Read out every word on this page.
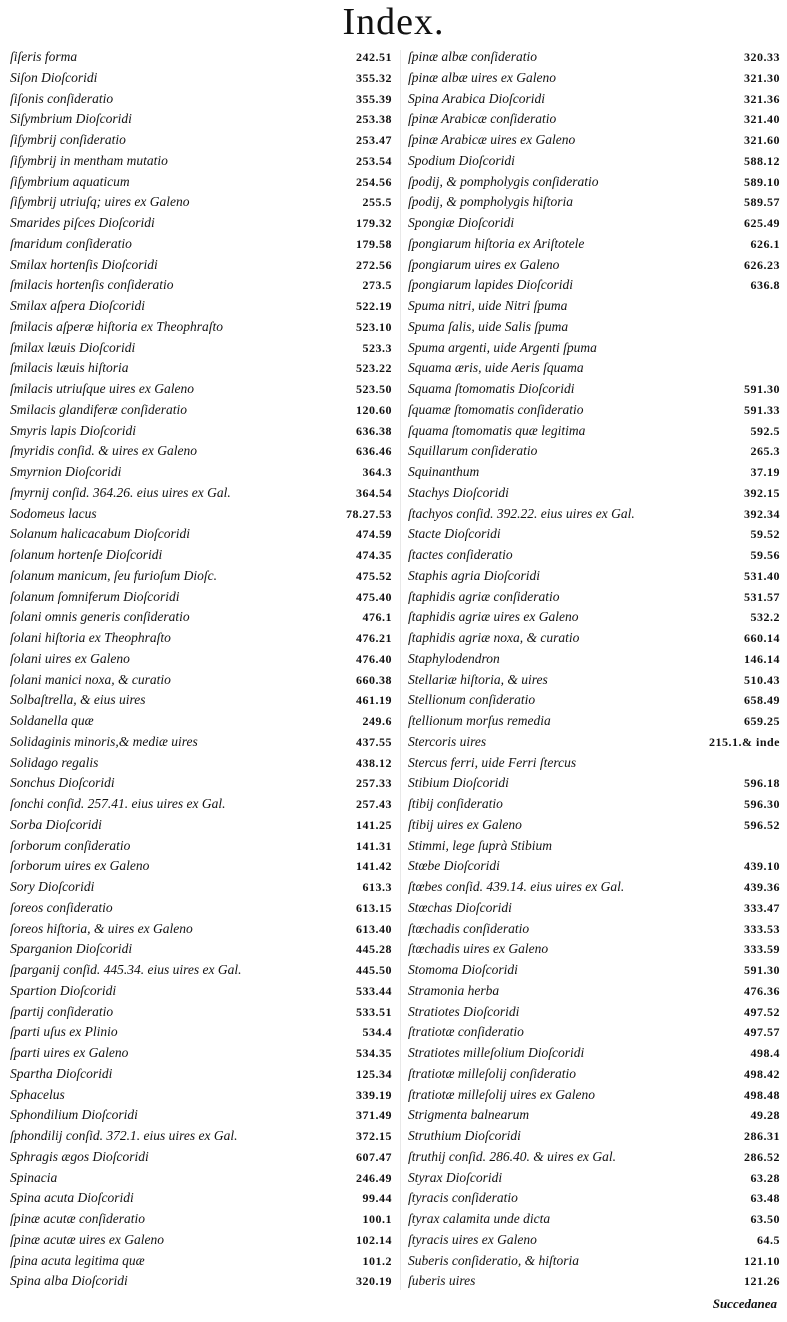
Index.
ſiſeris forma	242.51
Siſon Dioſcoridi	355.32
ſiſonis conſideratio	355.39
Siſymbrium Dioſcoridi	253.38
ſiſymbrij conſideratio	253.47
ſiſymbrij in mentham mutatio	253.54
ſiſymbrium aquaticum	254.56
ſiſymbrij utriuſq; uires ex Galeno	255.5
Smarides piſces Dioſcoridi	179.32
ſmaridum conſideratio	179.58
Smilax hortenſis Dioſcoridi	272.56
ſmilacis hortenſis conſideratio	273.5
Smilax aſpera Dioſcoridi	522.19
ſmilacis aſperæ hiſtoria ex Theophraſto	523.10
ſmilax læuis Dioſcoridi	523.3
ſmilacis læuis hiſtoria	523.22
ſmilacis utriuſque uires ex Galeno	523.50
Smilacis glandiferæ conſideratio	120.60
Smyris lapis Dioſcoridi	636.38
ſmyridis conſid. & uires ex Galeno	636.46
Smyrnion Dioſcoridi	364.3
ſmyrnij conſid. 364.26. eius uires ex Gal.	364.54
Sodomeus lacus	78.27.53
Solanum halicacabum Dioſcoridi	474.59
ſolanum hortenſe Dioſcoridi	474.35
ſolanum manicum, ſeu furioſum Dioſc.	475.52
ſolanum ſomniferum Dioſcoridi	475.40
ſolani omnis generis conſideratio	476.1
ſolani hiſtoria ex Theophraſto	476.21
ſolani uires ex Galeno	476.40
ſolani manici noxa, & curatio	660.38
Solbaſtrella, & eius uires	461.19
Soldanella quæ	249.6
Solidaginis minoris,& mediæ uires	437.55
Solidago regalis	438.12
Sonchus Dioſcoridi	257.33
ſonchi conſid. 257.41. eius uires ex Gal.	257.43
Sorba Dioſcoridi	141.25
ſorborum conſideratio	141.31
ſorborum uires ex Galeno	141.42
Sory Dioſcoridi	613.3
ſoreos conſideratio	613.15
ſoreos hiſtoria, & uires ex Galeno	613.40
Sparganion Dioſcoridi	445.28
ſparganij conſid. 445.34. eius uires ex Gal.	445.50
Spartion Dioſcoridi	533.44
ſpartij conſideratio	533.51
ſparti uſus ex Plinio	534.4
ſparti uires ex Galeno	534.35
Spartha Dioſcoridi	125.34
Sphacelus	339.19
Sphondilium Dioſcoridi	371.49
ſphondilij conſid. 372.1. eius uires ex Gal.	372.15
Sphragis ægos Dioſcoridi	607.47
Spinacia	246.49
Spina acuta Dioſcoridi	99.44
ſpinæ acutæ conſideratio	100.1
ſpinæ acutæ uires ex Galeno	102.14
ſpina acuta legitima quæ	101.2
Spina alba Dioſcoridi	320.19
ſpinæ albæ conſideratio	320.33
ſpinæ albæ uires ex Galeno	321.30
Spina Arabica Dioſcoridi	321.36
ſpinæ Arabicæ conſideratio	321.40
ſpinæ Arabicæ uires ex Galeno	321.60
Spodium Dioſcoridi	588.12
ſpodij, & pompholygis conſideratio	589.10
ſpodij, & pompholygis hiſtoria	589.57
Spongiæ Dioſcoridi	625.49
ſpongiarum hiſtoria ex Ariſtotele	626.1
ſpongiarum uires ex Galeno	626.23
ſpongiarum lapides Dioſcoridi	636.8
Spuma nitri, uide Nitri ſpuma
Spuma ſalis, uide Salis ſpuma
Spuma argenti, uide Argenti ſpuma
Squama æris, uide Aeris ſquama
Squama ſtomomatis Dioſcoridi	591.30
ſquamæ ſtomomatis conſideratio	591.33
ſquama ſtomomatis quæ legitima	592.5
Squillarum conſideratio	265.3
Squinanthum	37.19
Stachys Dioſcoridi	392.15
ſtachyos conſid. 392.22. eius uires ex Gal.	392.34
Stacte Dioſcoridi	59.52
ſtactes conſideratio	59.56
Staphis agria Dioſcoridi	531.40
ſtaphidis agriæ conſideratio	531.57
ſtaphidis agriæ uires ex Galeno	532.2
ſtaphidis agriæ noxa, & curatio	660.14
Staphylodendron	146.14
Stellariæ hiſtoria, & uires	510.43
Stellionum conſideratio	658.49
ſtellionum morſus remedia	659.25
Stercoris uires	215.1.& inde
Stercus ferri, uide Ferri ſtercus
Stibium Dioſcoridi	596.18
ſtibij conſideratio	596.30
ſtibij uires ex Galeno	596.52
Stimmi, lege ſuprà Stibium
Stœbe Dioſcoridi	439.10
ſtœbes conſid. 439.14. eius uires ex Gal.	439.36
Stœchas Dioſcoridi	333.47
ſtœchadis conſideratio	333.53
ſtœchadis uires ex Galeno	333.59
Stomoma Dioſcoridi	591.30
Stramonia herba	476.36
Stratiotes Dioſcoridi	497.52
ſtratiotæ conſideratio	497.57
Stratiotes milleſolium Dioſcoridi	498.4
ſtratiotæ milleſolij conſideratio	498.42
ſtratiotæ milleſolij uires ex Galeno	498.48
Strigmenta balnearum	49.28
Struthium Dioſcoridi	286.31
ſtruthij conſid. 286.40. & uires ex Gal.	286.52
Styrax Dioſcoridi	63.28
ſtyracis conſideratio	63.48
ſtyrax calamita unde dicta	63.50
ſtyracis uires ex Galeno	64.5
Suberis conſideratio, & hiſtoria	121.10
ſuberis uires	121.26
Succedanea
